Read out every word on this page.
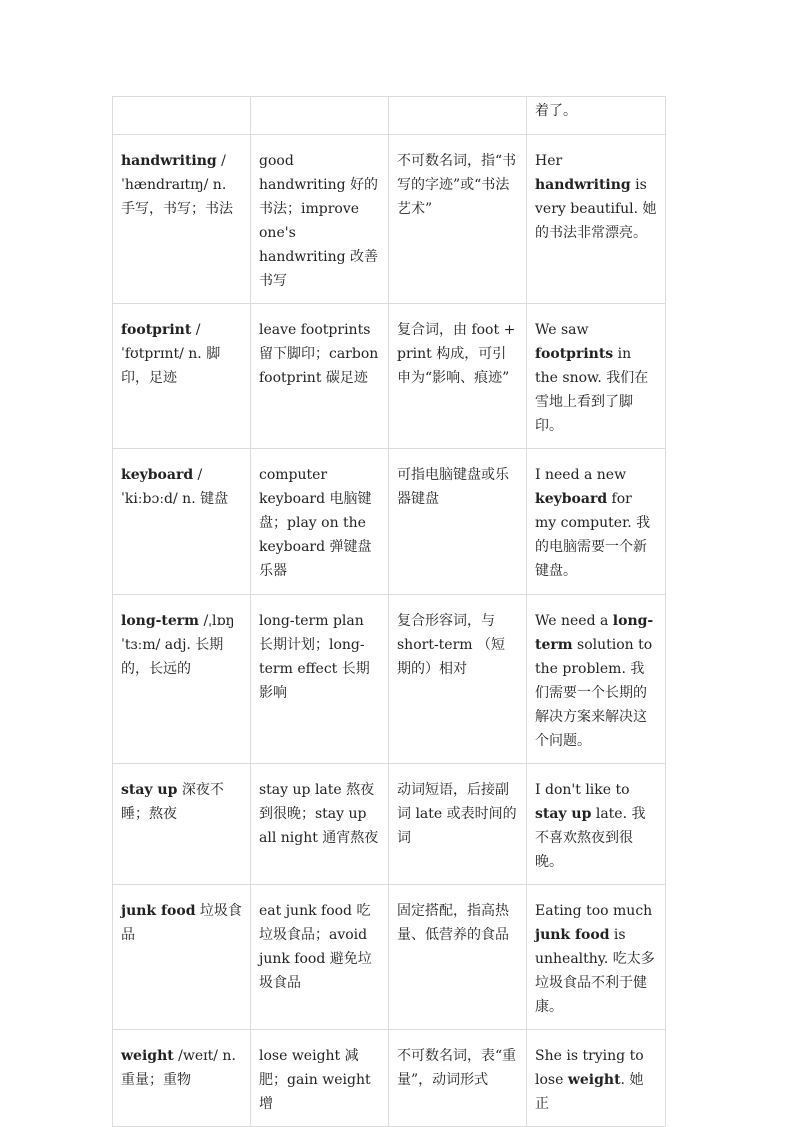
			着了。
handwriting /ˈhændraɪtɪŋ/ n. 手写，书写；书法	good handwriting 好的书法；improve one's handwriting 改善书写	不可数名词，指“书写的字迹”或“书法艺术”	Her handwriting is very beautiful. 她的书法非常漂亮。
footprint /ˈfʊtprɪnt/ n. 脚印，足迹	leave footprints 留下脚印；carbon footprint 碳足迹	复合词，由 foot + print 构成，可引申为“影响、痕迹”	We saw footprints in the snow. 我们在雪地上看到了脚印。
keyboard /ˈkiːbɔːd/ n. 键盘	computer keyboard 电脑键盘；play on the keyboard 弹键盘乐器	可指电脑键盘或乐器键盘	I need a new keyboard for my computer. 我的电脑需要一个新键盘。
long-term /ˌlɒŋ ˈtɜːm/ adj. 长期的，长远的	long-term plan 长期计划；long-term effect 长期影响	复合形容词，与 short-term （短期的）相对	We need a long-term solution to the problem. 我们需要一个长期的解决方案来解决这个问题。
stay up 深夜不睡；熬夜	stay up late 熬夜到很晚；stay up all night 通宵熬夜	动词短语，后接副词 late 或表时间的词	I don't like to stay up late. 我不喜欢熬夜到很晚。
junk food 垃圾食品	eat junk food 吃垃圾食品；avoid junk food 避免垃圾食品	固定搭配，指高热量、低营养的食品	Eating too much junk food is unhealthy. 吃太多垃圾食品不利于健康。
weight /weɪt/ n. 重量；重物	lose weight 减肥；gain weight 增	不可数名词，表“重量”，动词形式	She is trying to lose weight. 她正
